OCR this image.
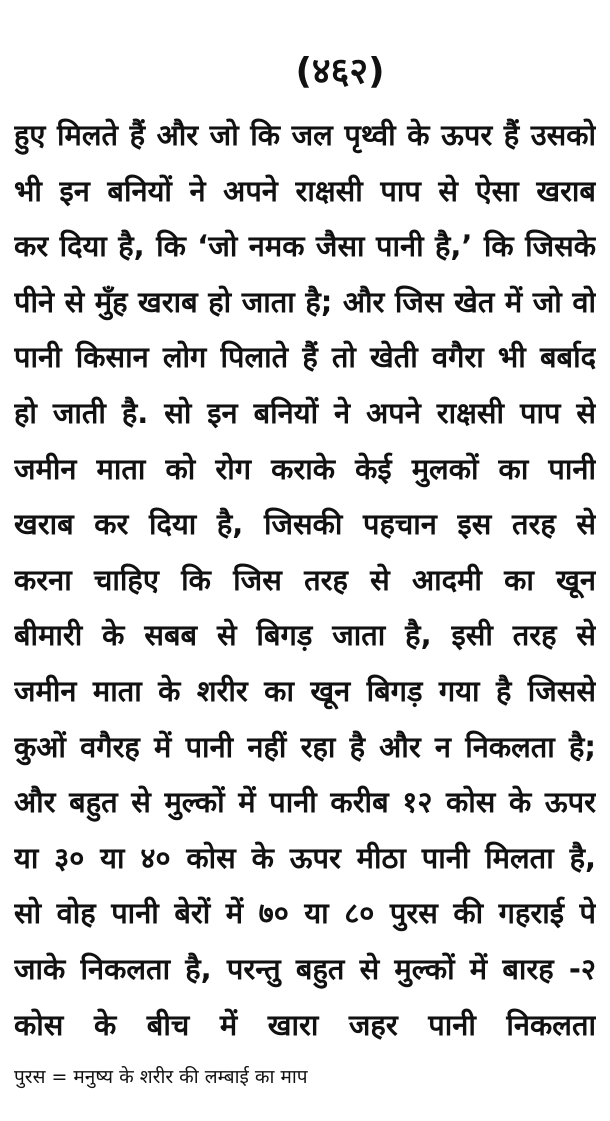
(४६२)
हुए मिलते हैं और जो कि जल पृथ्वी के ऊपर हैं उसको
भी इन बनियों ने अपने राक्षसी पाप से ऐसा खराब
कर दिया है, कि ‘जो नमक जैसा पानी है,’ कि जिसके
पीने से मुँह खराब हो जाता है; और जिस खेत में जो वो
पानी किसान लोग पिलाते हैं तो खेती वगैरा भी बर्बाद
हो जाती है. सो इन बनियों ने अपने राक्षसी पाप से
जमीन माता को रोग कराके केई मुलकों का पानी
खराब कर दिया है, जिसकी पहचान इस तरह से
करना चाहिए कि जिस तरह से आदमी का खून
बीमारी के सबब से बिगड़ जाता है, इसी तरह से
जमीन माता के शरीर का खून बिगड़ गया है जिससे
कुओं वगैरह में पानी नहीं रहा है और न निकलता है;
और बहुत से मुल्कों में पानी करीब १२ कोस के ऊपर
या ३० या ४० कोस के ऊपर मीठा पानी मिलता है,
सो वोह पानी बेरों में ७० या ८० पुरस की गहराई पे
जाके निकलता है, परन्तु बहुत से मुल्कों में बारह -२
कोस के बीच में खारा जहर पानी निकलता
पुरस = मनुष्य के शरीर की लम्बाई का माप
